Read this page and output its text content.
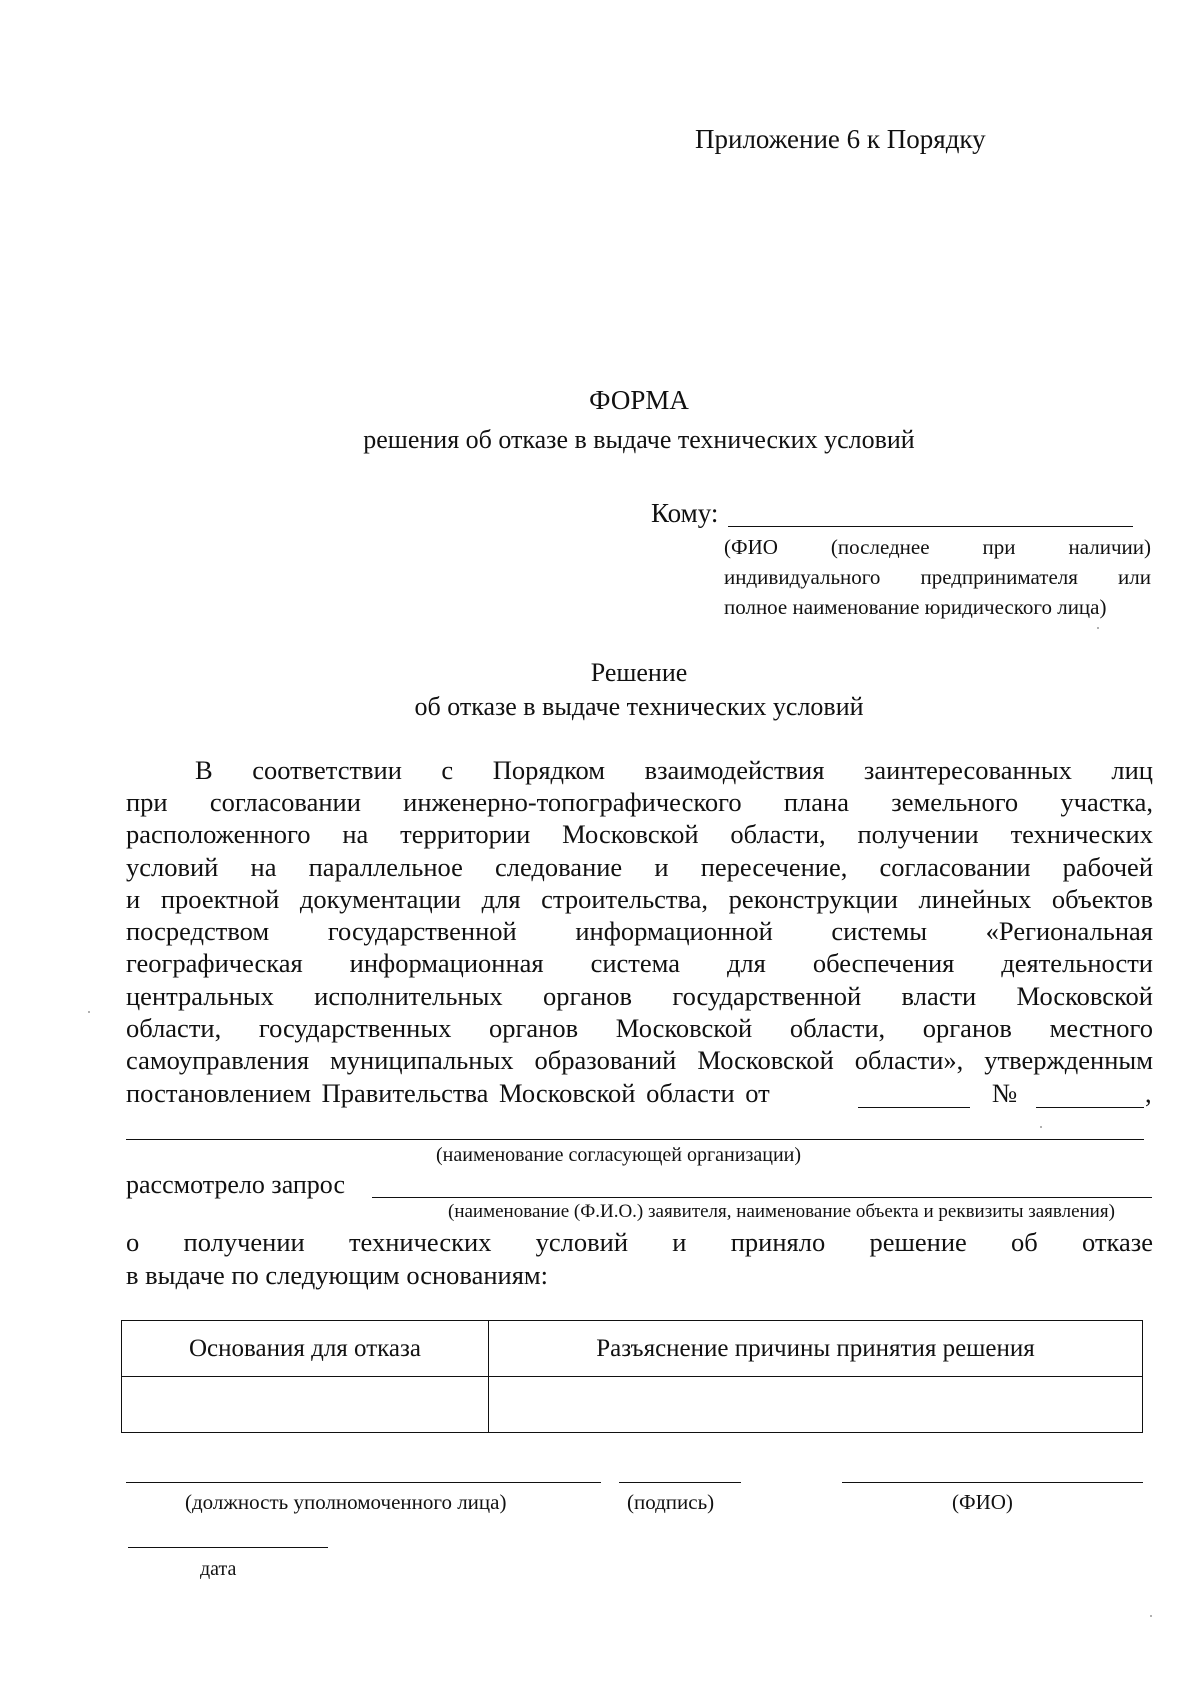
Приложение 6 к Порядку
ФОРМА
решения об отказе в выдаче технических условий
Кому:
(ФИО (последнее при наличии)
индивидуального предпринимателя или
полное наименование юридического лица)
Решение
об отказе в выдаче технических условий
В соответствии с Порядком взаимодействия заинтересованных лиц
при согласовании инженерно-топографического плана земельного участка,
расположенного на территории Московской области, получении технических
условий на параллельное следование и пересечение, согласовании рабочей
и проектной документации для строительства, реконструкции линейных объектов
посредством государственной информационной системы «Региональная
географическая информационная система для обеспечения деятельности
центральных исполнительных органов государственной власти Московской
области, государственных органов Московской области, органов местного
самоуправления муниципальных образований Московской области», утвержденным
постановлением Правительства Московской области от	№	,
(наименование согласующей организации)
рассмотрело запрос
(наименование (Ф.И.О.) заявителя, наименование объекта и реквизиты заявления)
о получении технических условий и приняло решение об отказе
в выдаче по следующим основаниям:
Основания для отказа	Разъяснение причины принятия решения

(должность уполномоченного лица)	(подпись)	(ФИО)
дата
